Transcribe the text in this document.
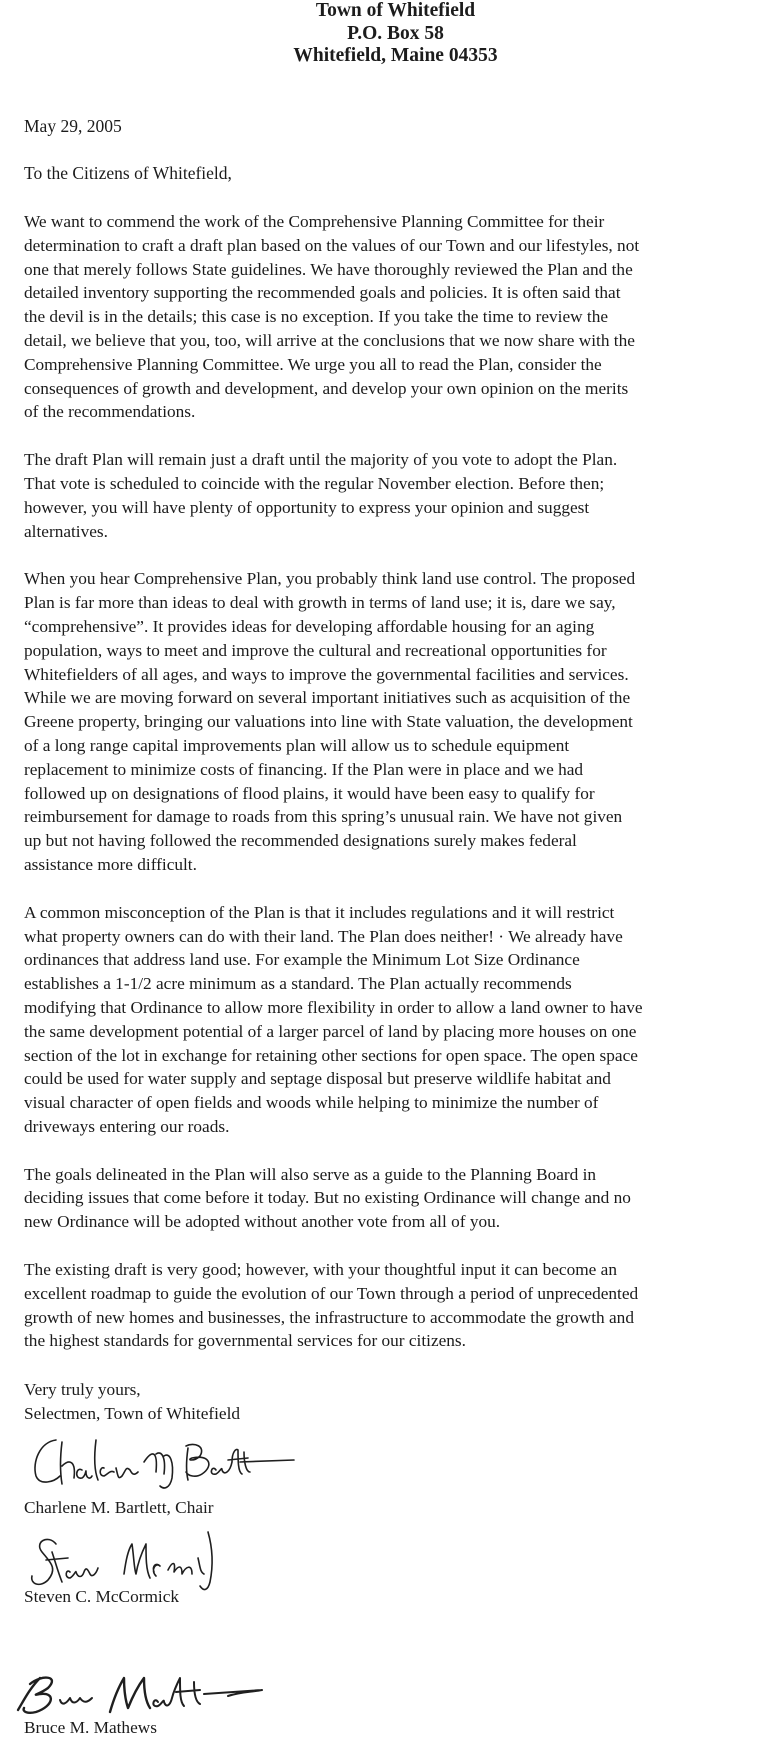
Town of Whitefield
P.O. Box 58
Whitefield, Maine 04353
May 29, 2005
To the Citizens of Whitefield,
We want to commend the work of the Comprehensive Planning Committee for their
determination to craft a draft plan based on the values of our Town and our lifestyles, not
one that merely follows State guidelines. We have thoroughly reviewed the Plan and the
detailed inventory supporting the recommended goals and policies. It is often said that
the devil is in the details; this case is no exception. If you take the time to review the
detail, we believe that you, too, will arrive at the conclusions that we now share with the
Comprehensive Planning Committee. We urge you all to read the Plan, consider the
consequences of growth and development, and develop your own opinion on the merits
of the recommendations.
The draft Plan will remain just a draft until the majority of you vote to adopt the Plan.
That vote is scheduled to coincide with the regular November election. Before then;
however, you will have plenty of opportunity to express your opinion and suggest
alternatives.
When you hear Comprehensive Plan, you probably think land use control. The proposed
Plan is far more than ideas to deal with growth in terms of land use; it is, dare we say,
“comprehensive”. It provides ideas for developing affordable housing for an aging
population, ways to meet and improve the cultural and recreational opportunities for
Whitefielders of all ages, and ways to improve the governmental facilities and services.
While we are moving forward on several important initiatives such as acquisition of the
Greene property, bringing our valuations into line with State valuation, the development
of a long range capital improvements plan will allow us to schedule equipment
replacement to minimize costs of financing. If the Plan were in place and we had
followed up on designations of flood plains, it would have been easy to qualify for
reimbursement for damage to roads from this spring’s unusual rain. We have not given
up but not having followed the recommended designations surely makes federal
assistance more difficult.
A common misconception of the Plan is that it includes regulations and it will restrict
what property owners can do with their land. The Plan does neither! · We already have
ordinances that address land use. For example the Minimum Lot Size Ordinance
establishes a 1-1/2 acre minimum as a standard. The Plan actually recommends
modifying that Ordinance to allow more flexibility in order to allow a land owner to have
the same development potential of a larger parcel of land by placing more houses on one
section of the lot in exchange for retaining other sections for open space. The open space
could be used for water supply and septage disposal but preserve wildlife habitat and
visual character of open fields and woods while helping to minimize the number of
driveways entering our roads.
The goals delineated in the Plan will also serve as a guide to the Planning Board in
deciding issues that come before it today. But no existing Ordinance will change and no
new Ordinance will be adopted without another vote from all of you.
The existing draft is very good; however, with your thoughtful input it can become an
excellent roadmap to guide the evolution of our Town through a period of unprecedented
growth of new homes and businesses, the infrastructure to accommodate the growth and
the highest standards for governmental services for our citizens.
Very truly yours,
Selectmen, Town of Whitefield
Charlene M. Bartlett, Chair
Steven C. McCormick
Bruce M. Mathews
